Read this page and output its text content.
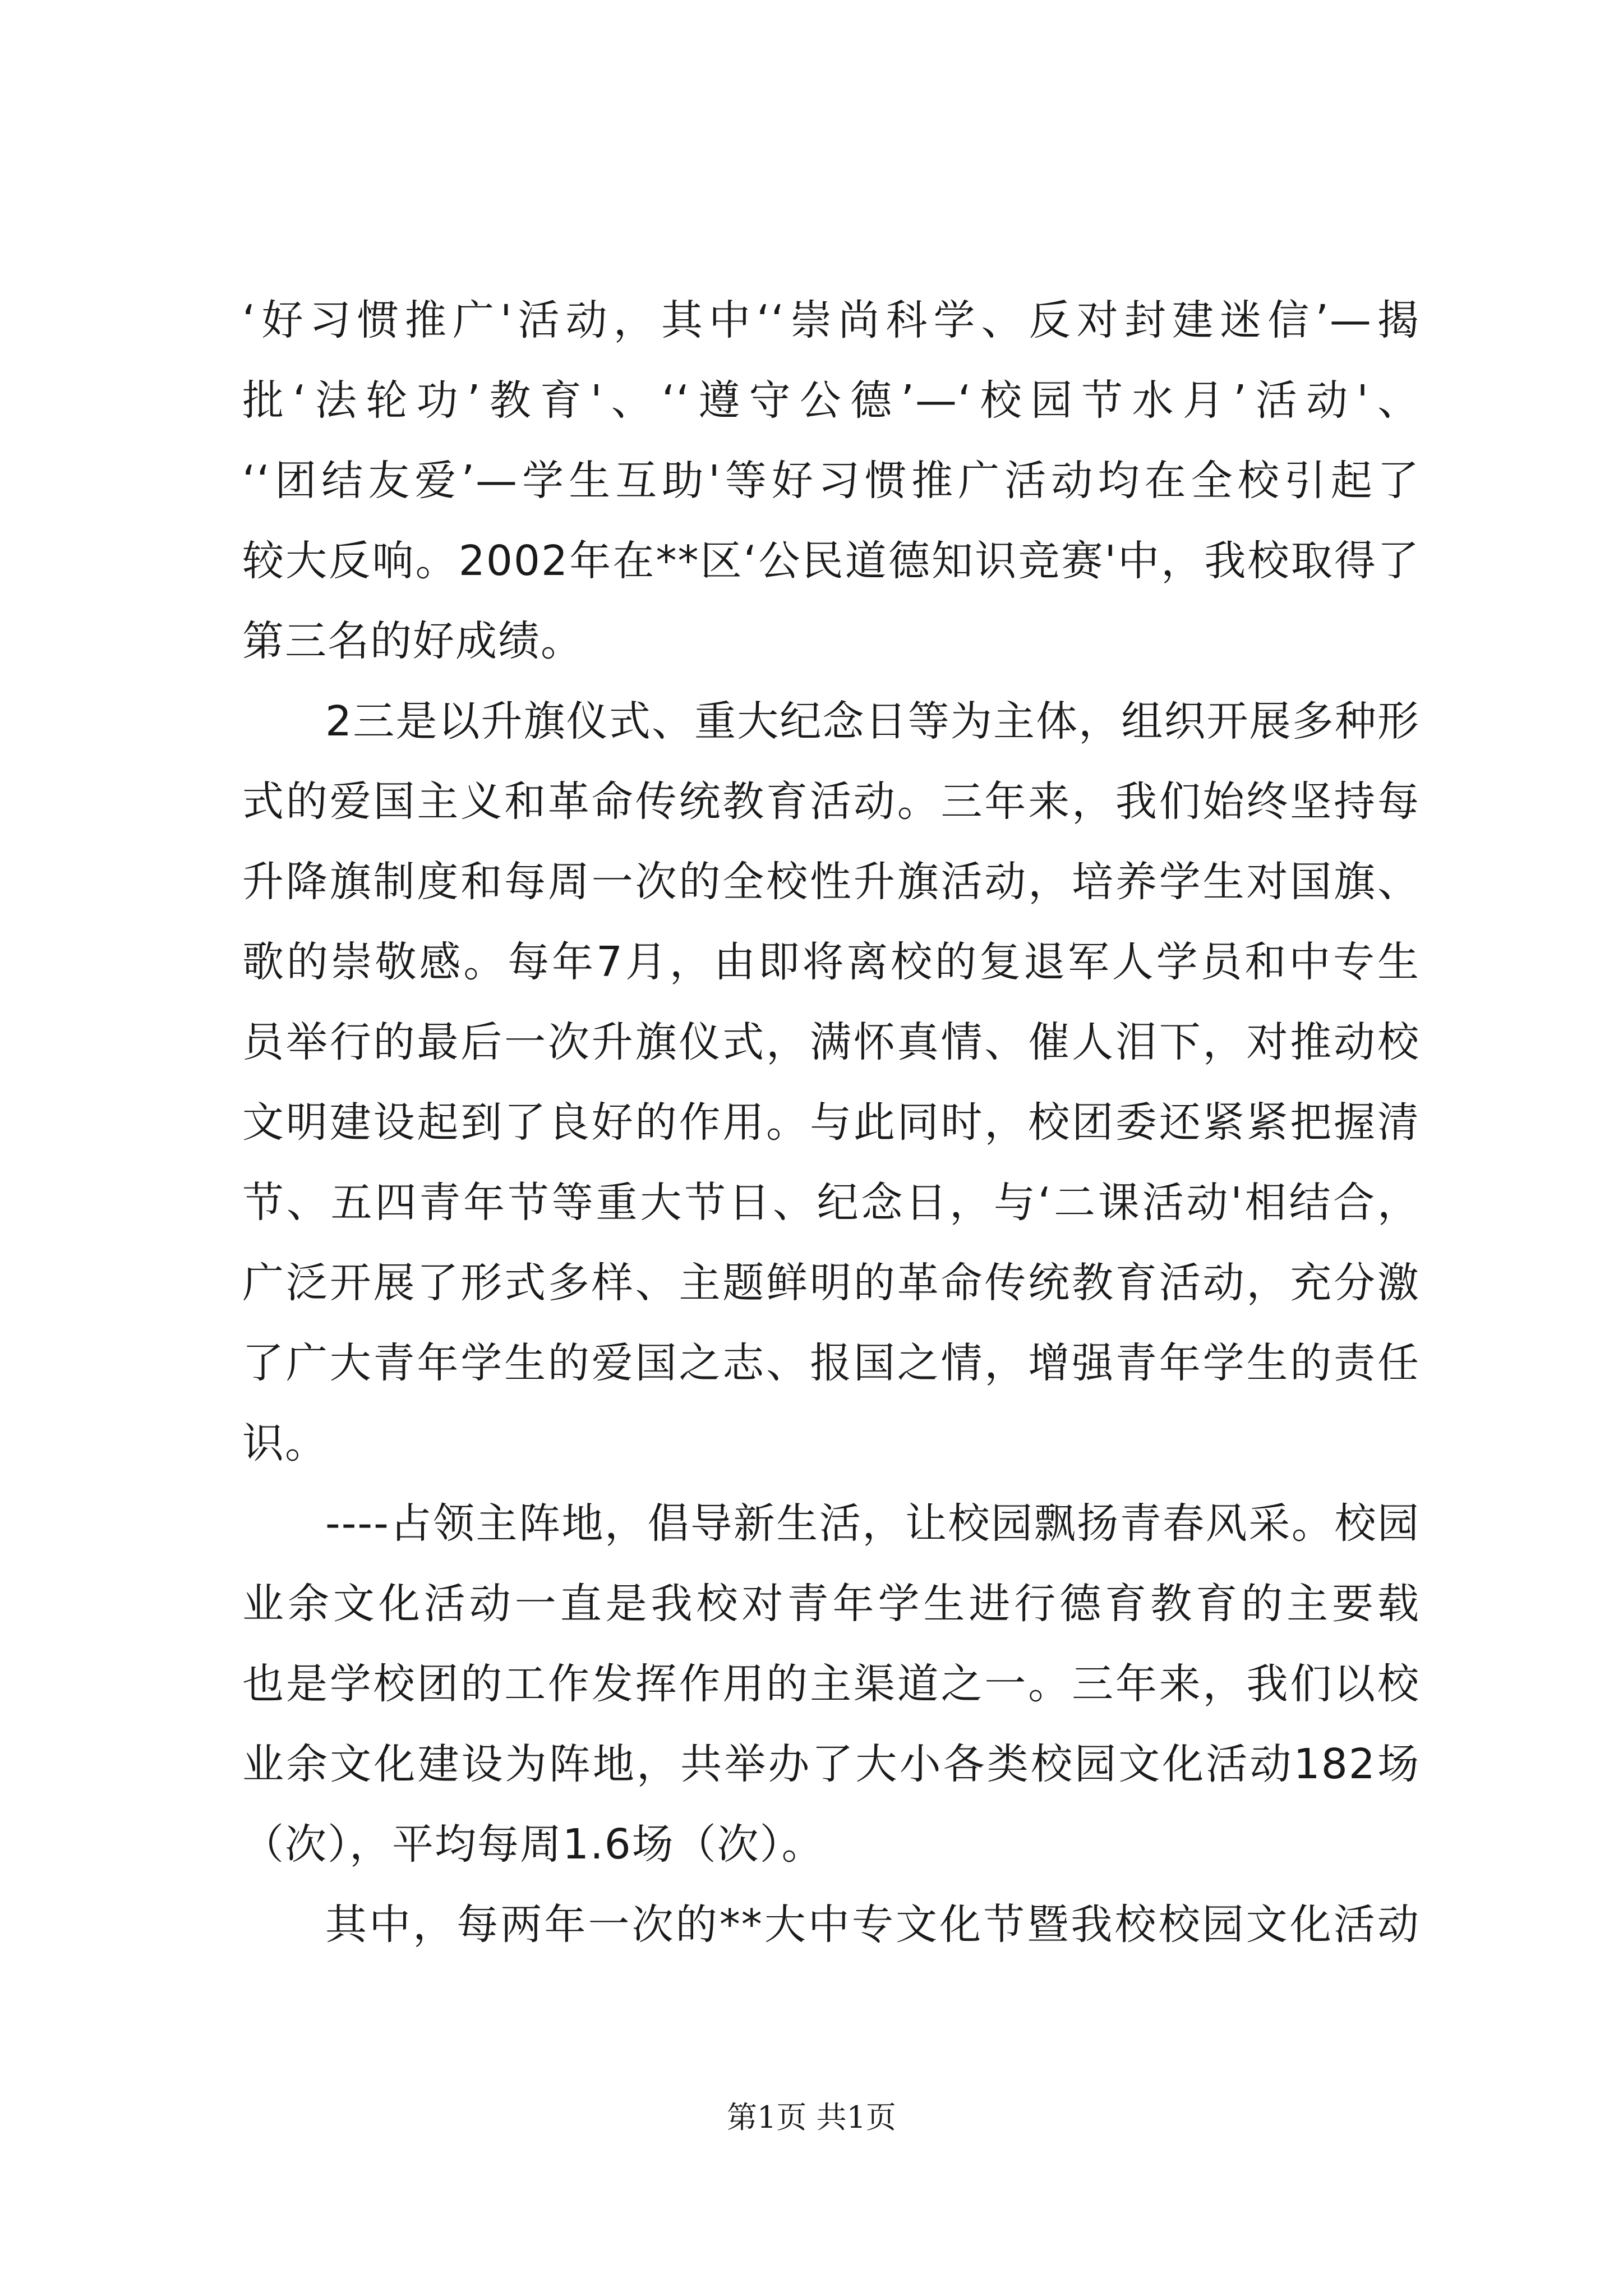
‘好习惯推广'活动，其中‘‘崇尚科学、反对封建迷信’—揭
批‘法轮功’教育'、‘‘遵守公德’—‘校园节水月’活动'、
‘‘团结友爱’—学生互助'等好习惯推广活动均在全校引起了
较大反响。2002年在**区‘公民道德知识竞赛'中，我校取得了
第三名的好成绩。
2三是以升旗仪式、重大纪念日等为主体，组织开展多种形
式的爱国主义和革命传统教育活动。三年来，我们始终坚持每
升降旗制度和每周一次的全校性升旗活动，培养学生对国旗、
歌的崇敬感。每年7月，由即将离校的复退军人学员和中专生
员举行的最后一次升旗仪式，满怀真情、催人泪下，对推动校
文明建设起到了良好的作用。与此同时，校团委还紧紧把握清
节、五四青年节等重大节日、纪念日，与‘二课活动'相结合，
广泛开展了形式多样、主题鲜明的革命传统教育活动，充分激
了广大青年学生的爱国之志、报国之情，增强青年学生的责任
识。
----占领主阵地，倡导新生活，让校园飘扬青春风采。校园
业余文化活动一直是我校对青年学生进行德育教育的主要载
也是学校团的工作发挥作用的主渠道之一。三年来，我们以校
业余文化建设为阵地，共举办了大小各类校园文化活动182场
（次），平均每周1.6场（次）。
其中，每两年一次的**大中专文化节暨我校校园文化活动
第1页 共1页
